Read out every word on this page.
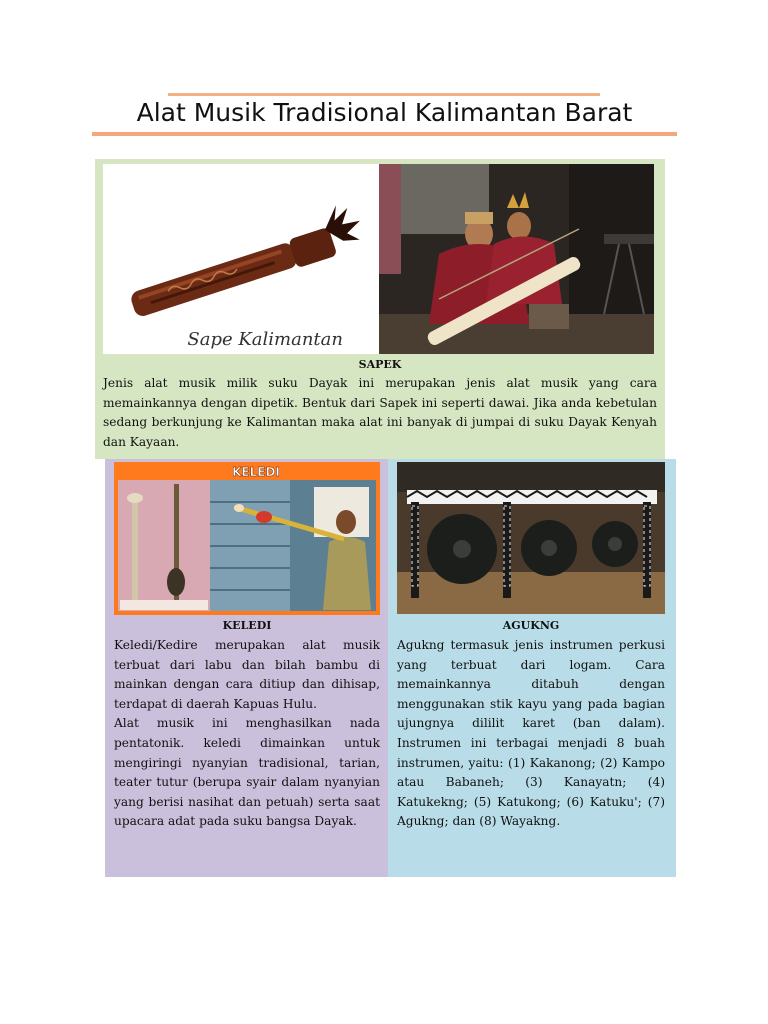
Alat Musik Tradisional Kalimantan Barat
Sape Kalimantan
SAPEK

Jenis alat musik milik suku Dayak ini merupakan jenis alat musik yang cara memainkannya dengan dipetik. Bentuk dari Sapek ini seperti dawai. Jika anda kebetulan sedang berkunjung ke Kalimantan maka alat ini banyak di jumpai di suku Dayak Kenyah dan Kayaan.

KELEDI
KELEDI

Keledi/Kedire merupakan alat musik terbuat dari labu dan bilah bambu di mainkan dengan cara ditiup dan dihisap, terdapat di daerah Kapuas Hulu.

Alat musik ini menghasilkan nada pentatonik. keledi dimainkan untuk mengiringi nyanyian tradisional, tarian, teater tutur (berupa syair dalam nyanyian yang berisi nasihat dan petuah) serta saat upacara adat pada suku bangsa Dayak.

AGUKNG

Agukng termasuk jenis instrumen perkusi yang terbuat dari logam. Cara memainkannya ditabuh dengan menggunakan stik kayu yang pada bagian ujungnya dililit karet (ban dalam). Instrumen ini terbagai menjadi 8 buah instrumen, yaitu: (1) Kakanong; (2) Kampo atau Babaneh; (3) Kanayatn; (4) Katukekng; (5) Katukong; (6) Katuku'; (7) Agukng; dan (8) Wayakng.
